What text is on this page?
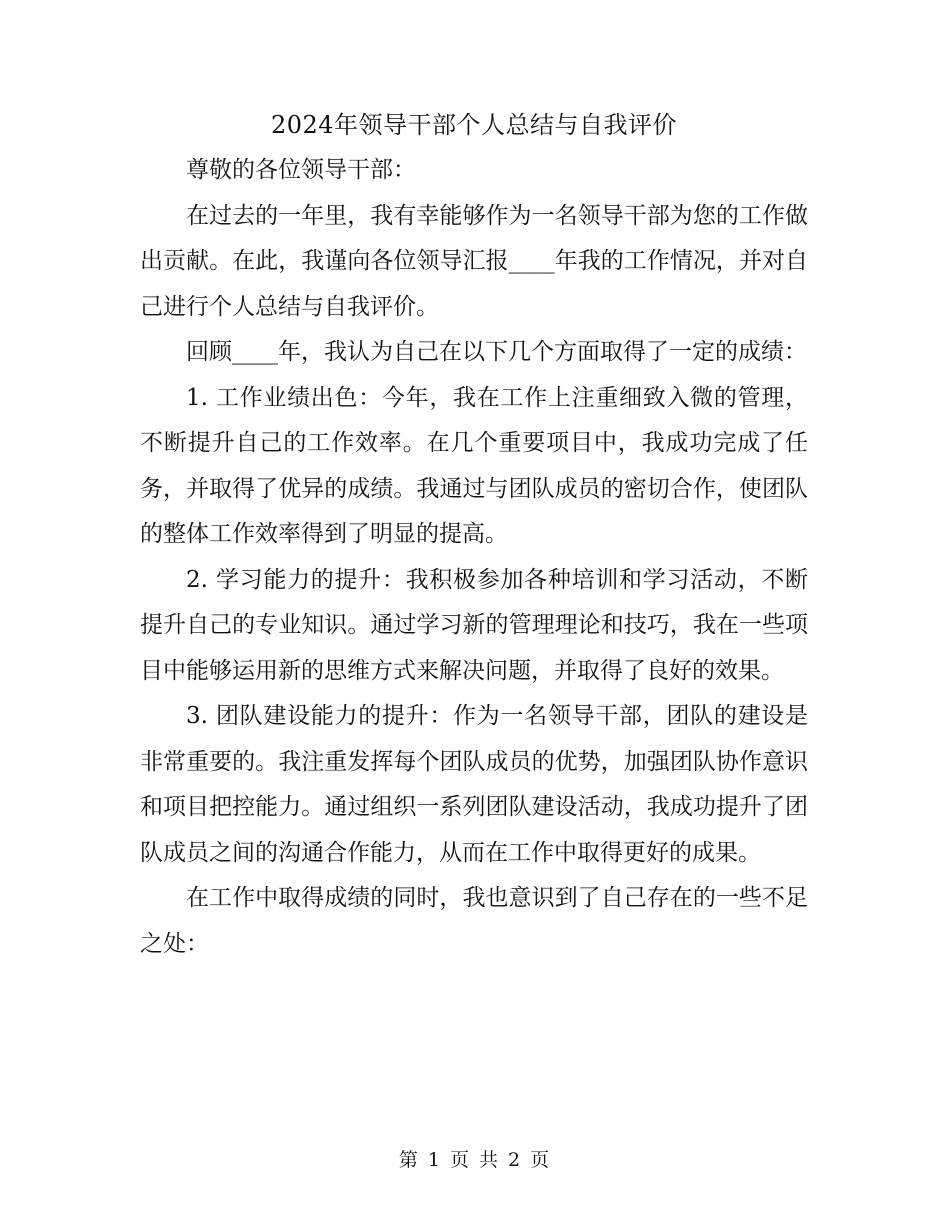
2024年领导干部个人总结与自我评价

尊敬的各位领导干部：

在过去的一年里，我有幸能够作为一名领导干部为您的工作做出贡献。在此，我谨向各位领导汇报____年我的工作情况，并对自己进行个人总结与自我评价。

回顾____年，我认为自己在以下几个方面取得了一定的成绩：

1. 工作业绩出色：今年，我在工作上注重细致入微的管理，不断提升自己的工作效率。在几个重要项目中，我成功完成了任务，并取得了优异的成绩。我通过与团队成员的密切合作，使团队的整体工作效率得到了明显的提高。

2. 学习能力的提升：我积极参加各种培训和学习活动，不断提升自己的专业知识。通过学习新的管理理论和技巧，我在一些项目中能够运用新的思维方式来解决问题，并取得了良好的效果。

3. 团队建设能力的提升：作为一名领导干部，团队的建设是非常重要的。我注重发挥每个团队成员的优势，加强团队协作意识和项目把控能力。通过组织一系列团队建设活动，我成功提升了团队成员之间的沟通合作能力，从而在工作中取得更好的成果。

在工作中取得成绩的同时，我也意识到了自己存在的一些不足之处：

第 1 页 共 2 页
